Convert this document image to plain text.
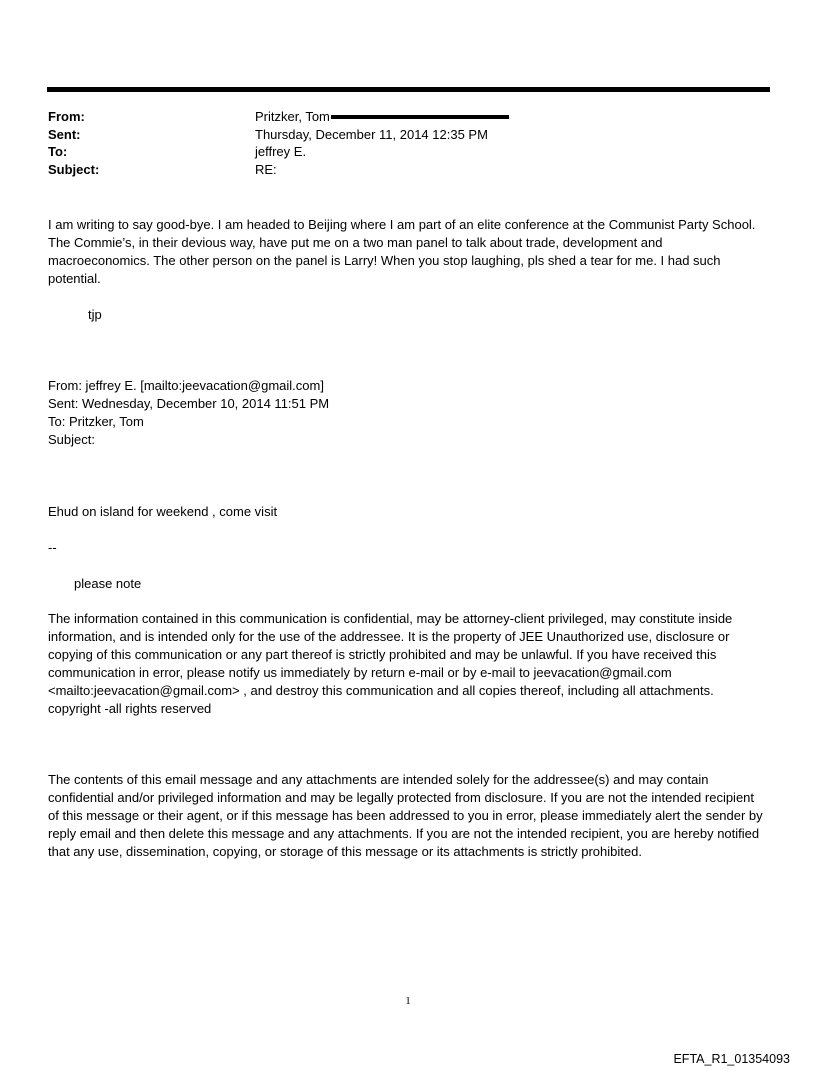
From:	Pritzker, Tom
Sent:	Thursday, December 11, 2014 12:35 PM
To:	jeffrey E.
Subject:	RE:

I am writing to say good-bye. I am headed to Beijing where I am part of an elite conference at the Communist Party School. The Commie’s, in their devious way, have put me on a two man panel to talk about trade, development and macroeconomics. The other person on the panel is Larry! When you stop laughing, pls shed a tear for me. I had such potential.

tjp

From: jeffrey E. [mailto:jeevacation@gmail.com]

Sent: Wednesday, December 10, 2014 11:51 PM

To: Pritzker, Tom

Subject:

Ehud on island for weekend , come visit

--

please note

The information contained in this communication is confidential, may be attorney-client privileged, may constitute inside information, and is intended only for the use of the addressee. It is the property of JEE Unauthorized use, disclosure or copying of this communication or any part thereof is strictly prohibited and may be unlawful. If you have received this communication in error, please notify us immediately by return e-mail or by e-mail to jeevacation@gmail.com <mailto:jeevacation@gmail.com> , and destroy this communication and all copies thereof, including all attachments. copyright -all rights reserved

The contents of this email message and any attachments are intended solely for the addressee(s) and may contain confidential and/or privileged information and may be legally protected from disclosure. If you are not the intended recipient of this message or their agent, or if this message has been addressed to you in error, please immediately alert the sender by reply email and then delete this message and any attachments. If you are not the intended recipient, you are hereby notified that any use, dissemination, copying, or storage of this message or its attachments is strictly prohibited.

1
EFTA_R1_01354093
